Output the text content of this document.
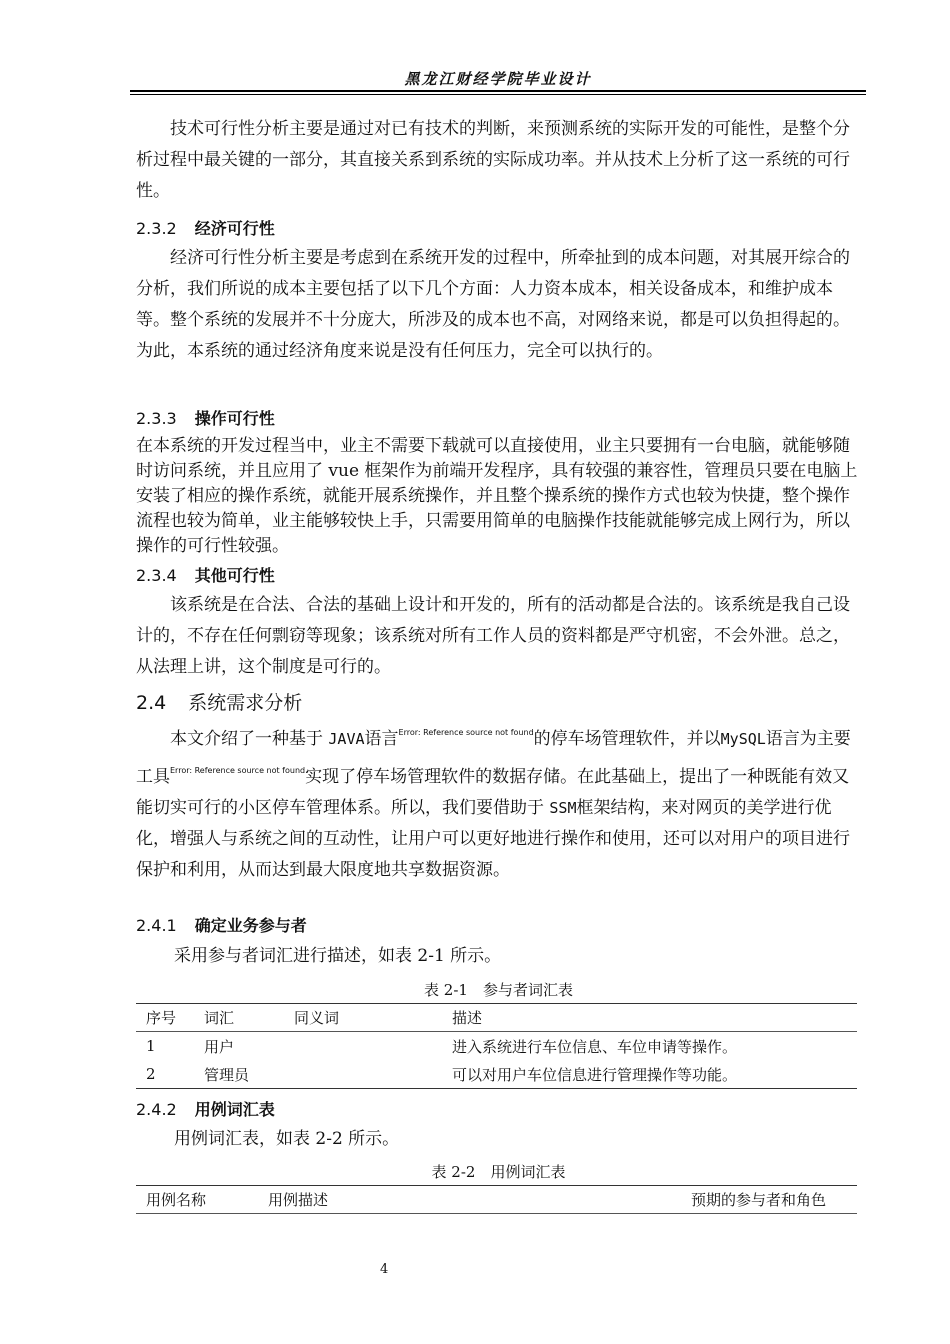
黑龙江财经学院毕业设计

技术可行性分析主要是通过对已有技术的判断，来预测系统的实际开发的可能性，是整个分析过程中最关键的一部分，其直接关系到系统的实际成功率。并从技术上分析了这一系统的可行性。

2.3.2 经济可行性

经济可行性分析主要是考虑到在系统开发的过程中，所牵扯到的成本问题，对其展开综合的分析，我们所说的成本主要包括了以下几个方面：人力资本成本，相关设备成本，和维护成本等。整个系统的发展并不十分庞大，所涉及的成本也不高，对网络来说，都是可以负担得起的。为此，本系统的通过经济角度来说是没有任何压力，完全可以执行的。

2.3.3 操作可行性

在本系统的开发过程当中，业主不需要下载就可以直接使用，业主只要拥有一台电脑，就能够随时访问系统，并且应用了 vue 框架作为前端开发程序，具有较强的兼容性，管理员只要在电脑上安装了相应的操作系统，就能开展系统操作，并且整个操系统的操作方式也较为快捷，整个操作流程也较为简单，业主能够较快上手，只需要用简单的电脑操作技能就能够完成上网行为，所以操作的可行性较强。

2.3.4 其他可行性

该系统是在合法、合法的基础上设计和开发的，所有的活动都是合法的。该系统是我自己设计的，不存在任何剽窃等现象；该系统对所有工作人员的资料都是严守机密，不会外泄。总之，从法理上讲，这个制度是可行的。

2.4 系统需求分析

本文介绍了一种基于 JAVA语言$^{Error: Reference source not found}$的停车场管理软件，并以MySQL语言为主要工具$^{Error: Reference source not found}$实现了停车场管理软件的数据存储。在此基础上，提出了一种既能有效又能切实可行的小区停车管理体系。所以，我们要借助于 SSM框架结构，来对网页的美学进行优化，增强人与系统之间的互动性，让用户可以更好地进行操作和使用，还可以对用户的项目进行保护和利用，从而达到最大限度地共享数据资源。

2.4.1 确定业务参与者

采用参与者词汇进行描述，如表 2-1 所示。

表 2-1　参与者词汇表
序号	词汇	同义词	描述
1	用户		进入系统进行车位信息、车位申请等操作。
2	管理员		可以对用户车位信息进行管理操作等功能。
2.4.2 用例词汇表

用例词汇表，如表 2-2 所示。

表 2-2　用例词汇表
用例名称	用例描述	预期的参与者和角色
4
